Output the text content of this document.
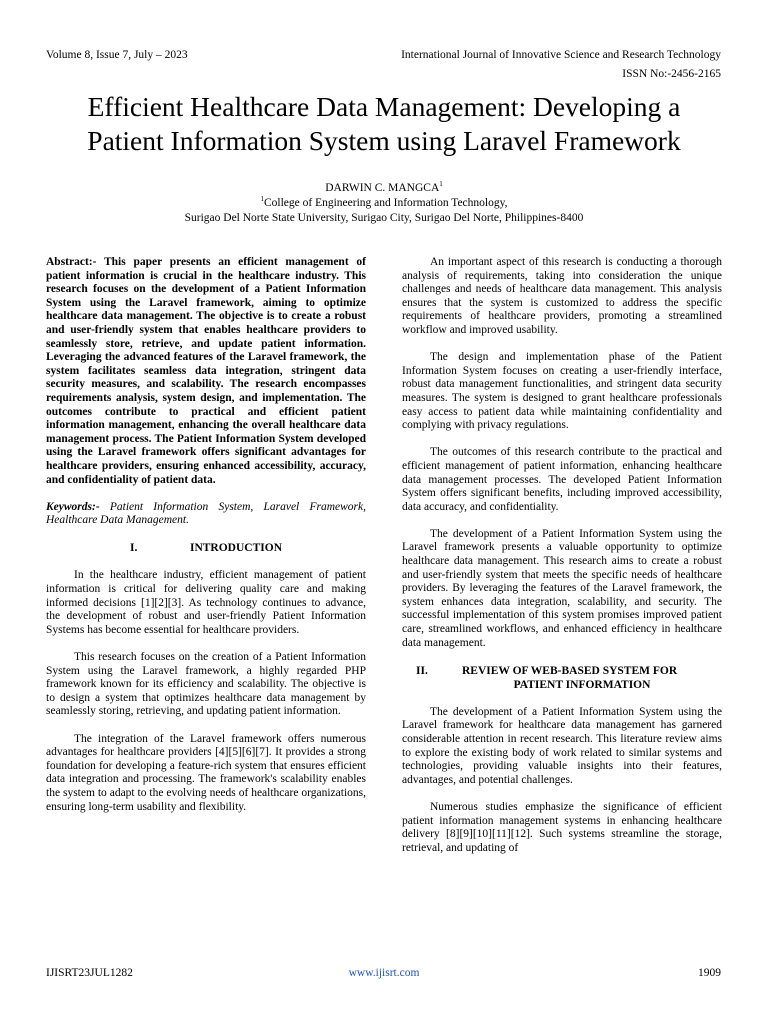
Volume 8, Issue 7, July – 2023	International Journal of Innovative Science and Research Technology
ISSN No:-2456-2165
Efficient Healthcare Data Management: Developing a
Patient Information System using Laravel Framework
DARWIN C. MANGCA$^1$
$^1$College of Engineering and Information Technology,
Surigao Del Norte State University, Surigao City, Surigao Del Norte, Philippines-8400

Abstract:- This paper presents an efficient management of patient information is crucial in the healthcare industry. This research focuses on the development of a Patient Information System using the Laravel framework, aiming to optimize healthcare data management. The objective is to create a robust and user-friendly system that enables healthcare providers to seamlessly store, retrieve, and update patient information. Leveraging the advanced features of the Laravel framework, the system facilitates seamless data integration, stringent data security measures, and scalability. The research encompasses requirements analysis, system design, and implementation. The outcomes contribute to practical and efficient patient information management, enhancing the overall healthcare data management process. The Patient Information System developed using the Laravel framework offers significant advantages for healthcare providers, ensuring enhanced accessibility, accuracy, and confidentiality of patient data.

Keywords:- Patient Information System, Laravel Framework, Healthcare Data Management.

I.	INTRODUCTION

In the healthcare industry, efficient management of patient information is critical for delivering quality care and making informed decisions [1][2][3]. As technology continues to advance, the development of robust and user-friendly Patient Information Systems has become essential for healthcare providers.

This research focuses on the creation of a Patient Information System using the Laravel framework, a highly regarded PHP framework known for its efficiency and scalability. The objective is to design a system that optimizes healthcare data management by seamlessly storing, retrieving, and updating patient information.

The integration of the Laravel framework offers numerous advantages for healthcare providers [4][5][6][7]. It provides a strong foundation for developing a feature-rich system that ensures efficient data integration and processing. The framework's scalability enables the system to adapt to the evolving needs of healthcare organizations, ensuring long-term usability and flexibility.

An important aspect of this research is conducting a thorough analysis of requirements, taking into consideration the unique challenges and needs of healthcare data management. This analysis ensures that the system is customized to address the specific requirements of healthcare providers, promoting a streamlined workflow and improved usability.

The design and implementation phase of the Patient Information System focuses on creating a user-friendly interface, robust data management functionalities, and stringent data security measures. The system is designed to grant healthcare professionals easy access to patient data while maintaining confidentiality and complying with privacy regulations.

The outcomes of this research contribute to the practical and efficient management of patient information, enhancing healthcare data management processes. The developed Patient Information System offers significant benefits, including improved accessibility, data accuracy, and confidentiality.

The development of a Patient Information System using the Laravel framework presents a valuable opportunity to optimize healthcare data management. This research aims to create a robust and user-friendly system that meets the specific needs of healthcare providers. By leveraging the features of the Laravel framework, the system enhances data integration, scalability, and security. The successful implementation of this system promises improved patient care, streamlined workflows, and enhanced efficiency in healthcare data management.

II.	REVIEW OF WEB-BASED SYSTEM FOR
PATIENT INFORMATION

The development of a Patient Information System using the Laravel framework for healthcare data management has garnered considerable attention in recent research. This literature review aims to explore the existing body of work related to similar systems and technologies, providing valuable insights into their features, advantages, and potential challenges.

Numerous studies emphasize the significance of efficient patient information management systems in enhancing healthcare delivery [8][9][10][11][12]. Such systems streamline the storage, retrieval, and updating of

IJISRT23JUL1282	www.ijisrt.com	1909
